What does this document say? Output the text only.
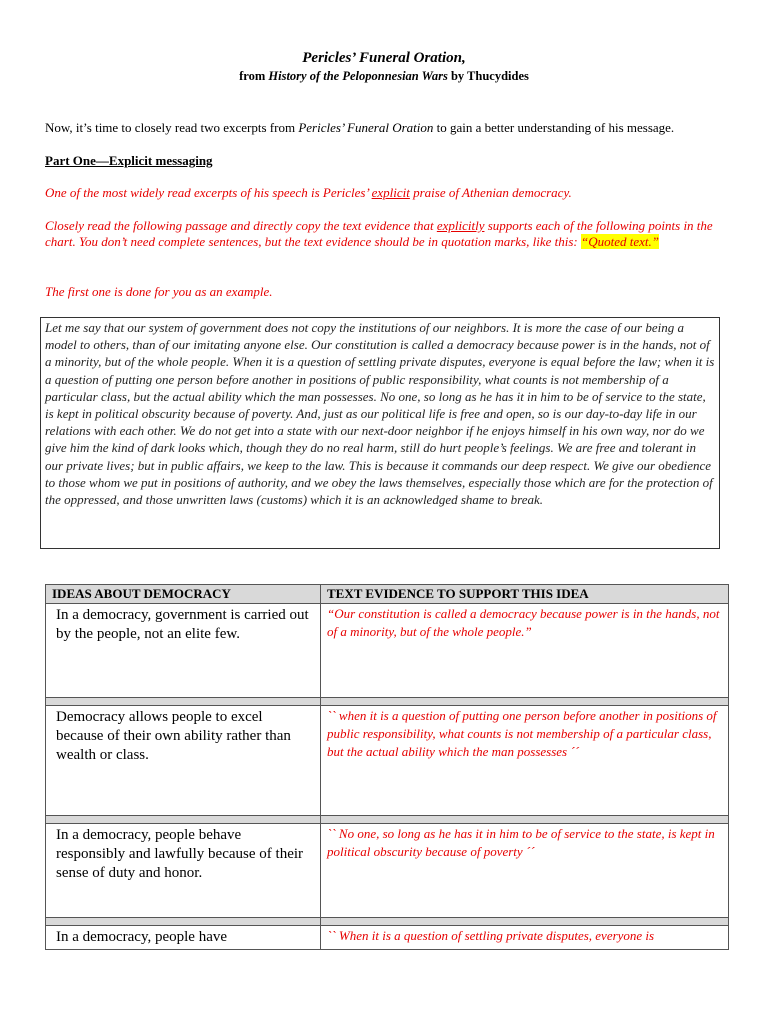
Pericles’ Funeral Oration,
from History of the Peloponnesian Wars by Thucydides
Now, it’s time to closely read two excerpts from Pericles’ Funeral Oration to gain a better understanding of his message.
Part One—Explicit messaging
One of the most widely read excerpts of his speech is Pericles’ explicit praise of Athenian democracy.
Closely read the following passage and directly copy the text evidence that explicitly supports each of the following points in the chart. You don’t need complete sentences, but the text evidence should be in quotation marks, like this: “Quoted text.”
The first one is done for you as an example.
Let me say that our system of government does not copy the institutions of our neighbors. It is more the case of our being a model to others, than of our imitating anyone else. Our constitution is called a democracy because power is in the hands, not of a minority, but of the whole people. When it is a question of settling private disputes, everyone is equal before the law; when it is a question of putting one person before another in positions of public responsibility, what counts is not membership of a particular class, but the actual ability which the man possesses. No one, so long as he has it in him to be of service to the state, is kept in political obscurity because of poverty. And, just as our political life is free and open, so is our day-to-day life in our relations with each other. We do not get into a state with our next-door neighbor if he enjoys himself in his own way, nor do we give him the kind of dark looks which, though they do no real harm, still do hurt people’s feelings. We are free and tolerant in our private lives; but in public affairs, we keep to the law. This is because it commands our deep respect. We give our obedience to those whom we put in positions of authority, and we obey the laws themselves, especially those which are for the protection of the oppressed, and those unwritten laws (customs) which it is an acknowledged shame to break.
IDEAS ABOUT DEMOCRACY	TEXT EVIDENCE TO SUPPORT THIS IDEA
In a democracy, government is carried out by the people, not an elite few.	“Our constitution is called a democracy because power is in the hands, not of a minority, but of the whole people.”

Democracy allows people to excel because of their own ability rather than wealth or class.	`` when it is a question of putting one person before another in positions of public responsibility, what counts is not membership of a particular class, but the actual ability which the man possesses ´´

In a democracy, people behave responsibly and lawfully because of their sense of duty and honor.	`` No one, so long as he has it in him to be of service to the state, is kept in political obscurity because of poverty ´´

In a democracy, people have	`` When it is a question of settling private disputes, everyone is
